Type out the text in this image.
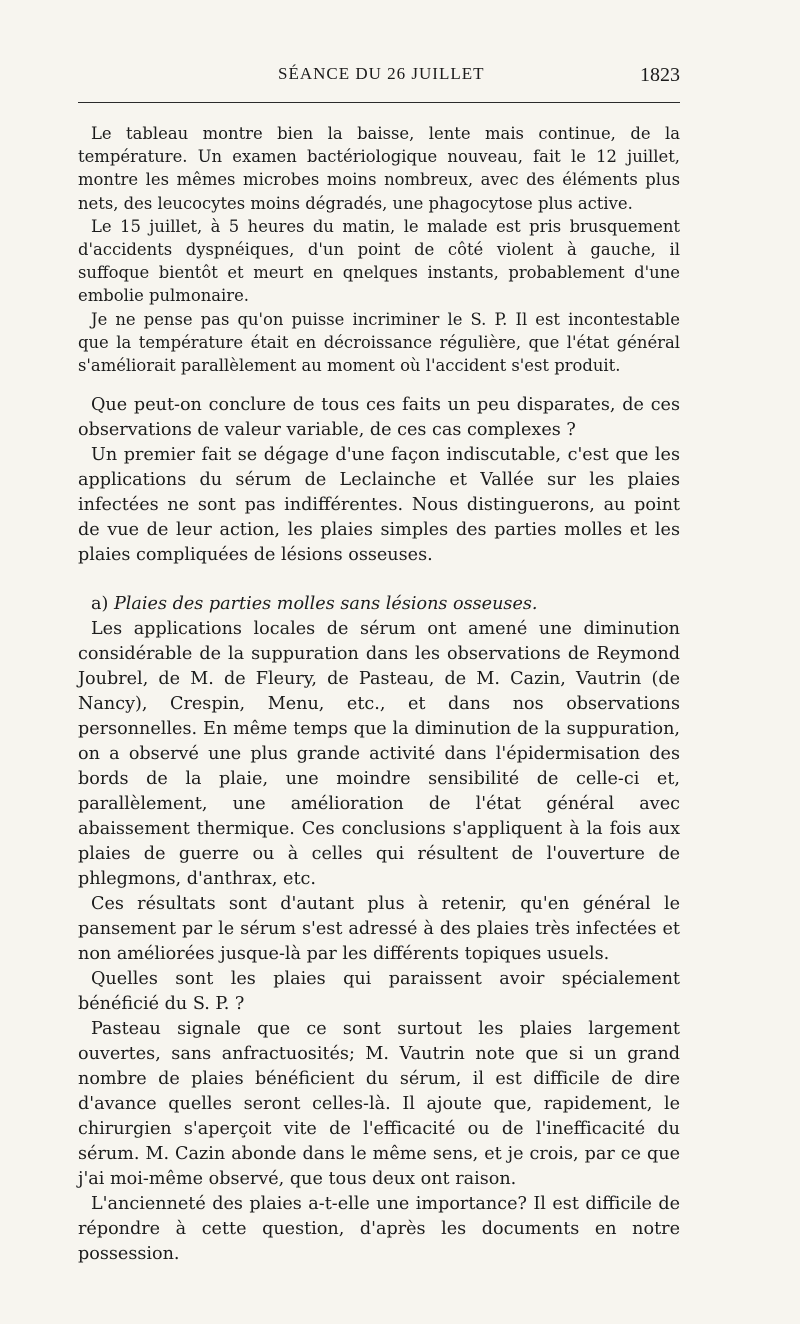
SÉANCE DU 26 JUILLET	1823

Le tableau montre bien la baisse, lente mais continue, de la température. Un examen bactériologique nouveau, fait le 12 juillet, montre les mêmes microbes moins nombreux, avec des éléments plus nets, des leucocytes moins dégradés, une phagocytose plus active.

Le 15 juillet, à 5 heures du matin, le malade est pris brusquement d'accidents dyspnéiques, d'un point de côté violent à gauche, il suffoque bientôt et meurt en qnelques instants, probablement d'une embolie pulmonaire.

Je ne pense pas qu'on puisse incriminer le S. P. Il est incontestable que la température était en décroissance régulière, que l'état général s'améliorait parallèlement au moment où l'accident s'est produit.

Que peut-on conclure de tous ces faits un peu disparates, de ces observations de valeur variable, de ces cas complexes ?

Un premier fait se dégage d'une façon indiscutable, c'est que les applications du sérum de Leclainche et Vallée sur les plaies infectées ne sont pas indifférentes. Nous distinguerons, au point de vue de leur action, les plaies simples des parties molles et les plaies compliquées de lésions osseuses.

a) Plaies des parties molles sans lésions osseuses.

Les applications locales de sérum ont amené une diminution considérable de la suppuration dans les observations de Reymond Joubrel, de M. de Fleury, de Pasteau, de M. Cazin, Vautrin (de Nancy), Crespin, Menu, etc., et dans nos observations personnelles. En même temps que la diminution de la suppuration, on a observé une plus grande activité dans l'épidermisation des bords de la plaie, une moindre sensibilité de celle-ci et, parallèlement, une amélioration de l'état général avec abaissement thermique. Ces conclusions s'appliquent à la fois aux plaies de guerre ou à celles qui résultent de l'ouverture de phlegmons, d'anthrax, etc.

Ces résultats sont d'autant plus à retenir, qu'en général le pansement par le sérum s'est adressé à des plaies très infectées et non améliorées jusque-là par les différents topiques usuels.

Quelles sont les plaies qui paraissent avoir spécialement bénéficié du S. P. ?

Pasteau signale que ce sont surtout les plaies largement ouvertes, sans anfractuosités; M. Vautrin note que si un grand nombre de plaies bénéficient du sérum, il est difficile de dire d'avance quelles seront celles-là. Il ajoute que, rapidement, le chirurgien s'aperçoit vite de l'efficacité ou de l'inefficacité du sérum. M. Cazin abonde dans le même sens, et je crois, par ce que j'ai moi-même observé, que tous deux ont raison.

L'ancienneté des plaies a-t-elle une importance? Il est difficile de répondre à cette question, d'après les documents en notre possession.
